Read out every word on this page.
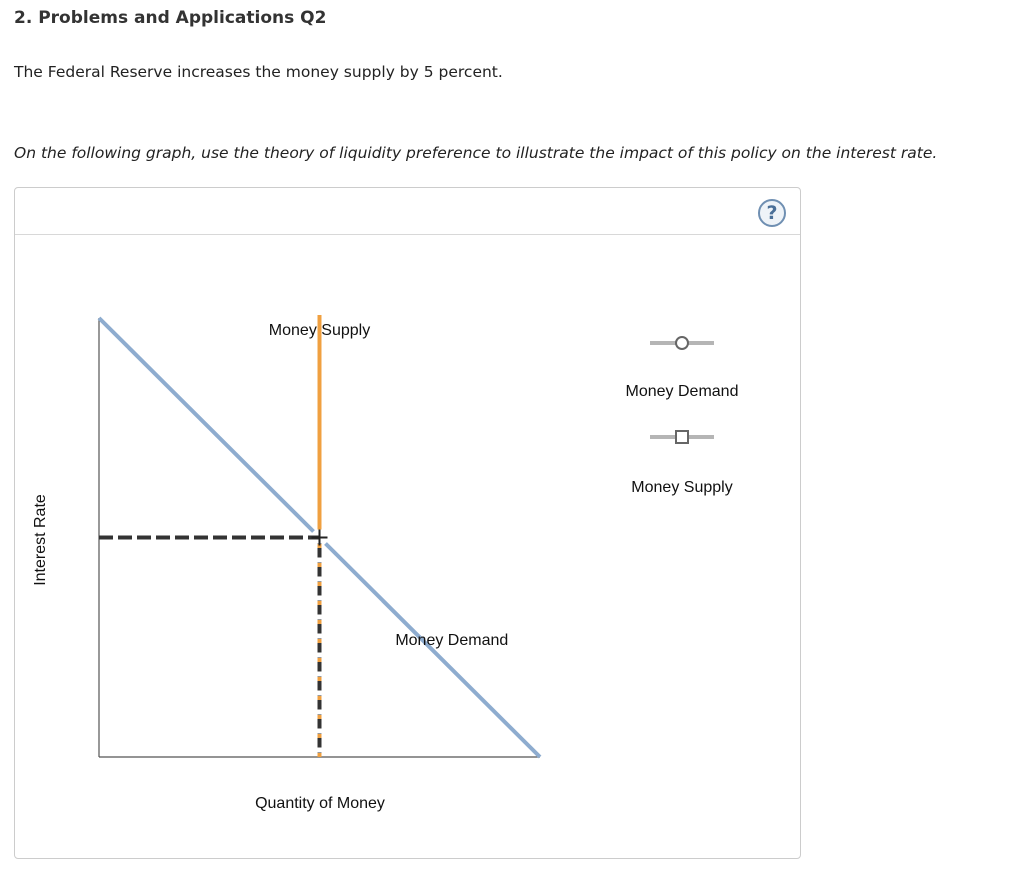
2. Problems and Applications Q2

The Federal Reserve increases the money supply by 5 percent.

On the following graph, use the theory of liquidity preference to illustrate the impact of this policy on the interest rate.

?
Money Supply
Money Demand
Quantity of Money
Interest Rate
Money Demand
Money Supply
